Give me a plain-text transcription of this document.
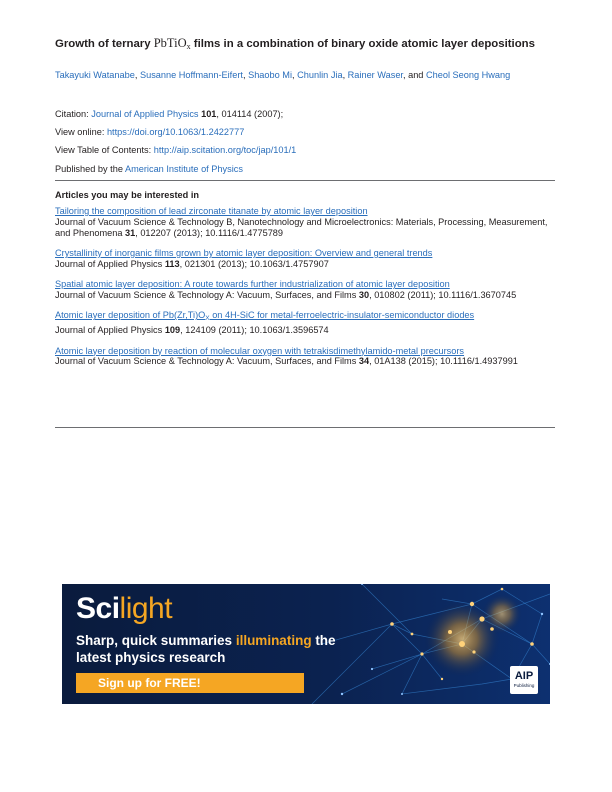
Growth of ternary PbTiO$_x$ films in a combination of binary oxide atomic layer depositions
Takayuki Watanabe, Susanne Hoffmann-Eifert, Shaobo Mi, Chunlin Jia, Rainer Waser, and Cheol Seong Hwang
Citation: Journal of Applied Physics 101, 014114 (2007);
View online: https://doi.org/10.1063/1.2422777
View Table of Contents: http://aip.scitation.org/toc/jap/101/1
Published by the American Institute of Physics
Articles you may be interested in
Tailoring the composition of lead zirconate titanate by atomic layer deposition
Journal of Vacuum Science & Technology B, Nanotechnology and Microelectronics: Materials, Processing, Measurement, and Phenomena 31, 012207 (2013); 10.1116/1.4775789
Crystallinity of inorganic films grown by atomic layer deposition: Overview and general trends
Journal of Applied Physics 113, 021301 (2013); 10.1063/1.4757907
Spatial atomic layer deposition: A route towards further industrialization of atomic layer deposition
Journal of Vacuum Science & Technology A: Vacuum, Surfaces, and Films 30, 010802 (2011); 10.1116/1.3670745
Atomic layer deposition of $Pb(Zr,Ti)O_X$ on 4H-SiC for metal-ferroelectric-insulator-semiconductor diodes
Journal of Applied Physics 109, 124109 (2011); 10.1063/1.3596574
Atomic layer deposition by reaction of molecular oxygen with tetrakisdimethylamido-metal precursors
Journal of Vacuum Science & Technology A: Vacuum, Surfaces, and Films 34, 01A138 (2015); 10.1116/1.4937991
Scilight
Sharp, quick summaries illuminating the latest physics research
Sign up for FREE!	AIP
Publishing
